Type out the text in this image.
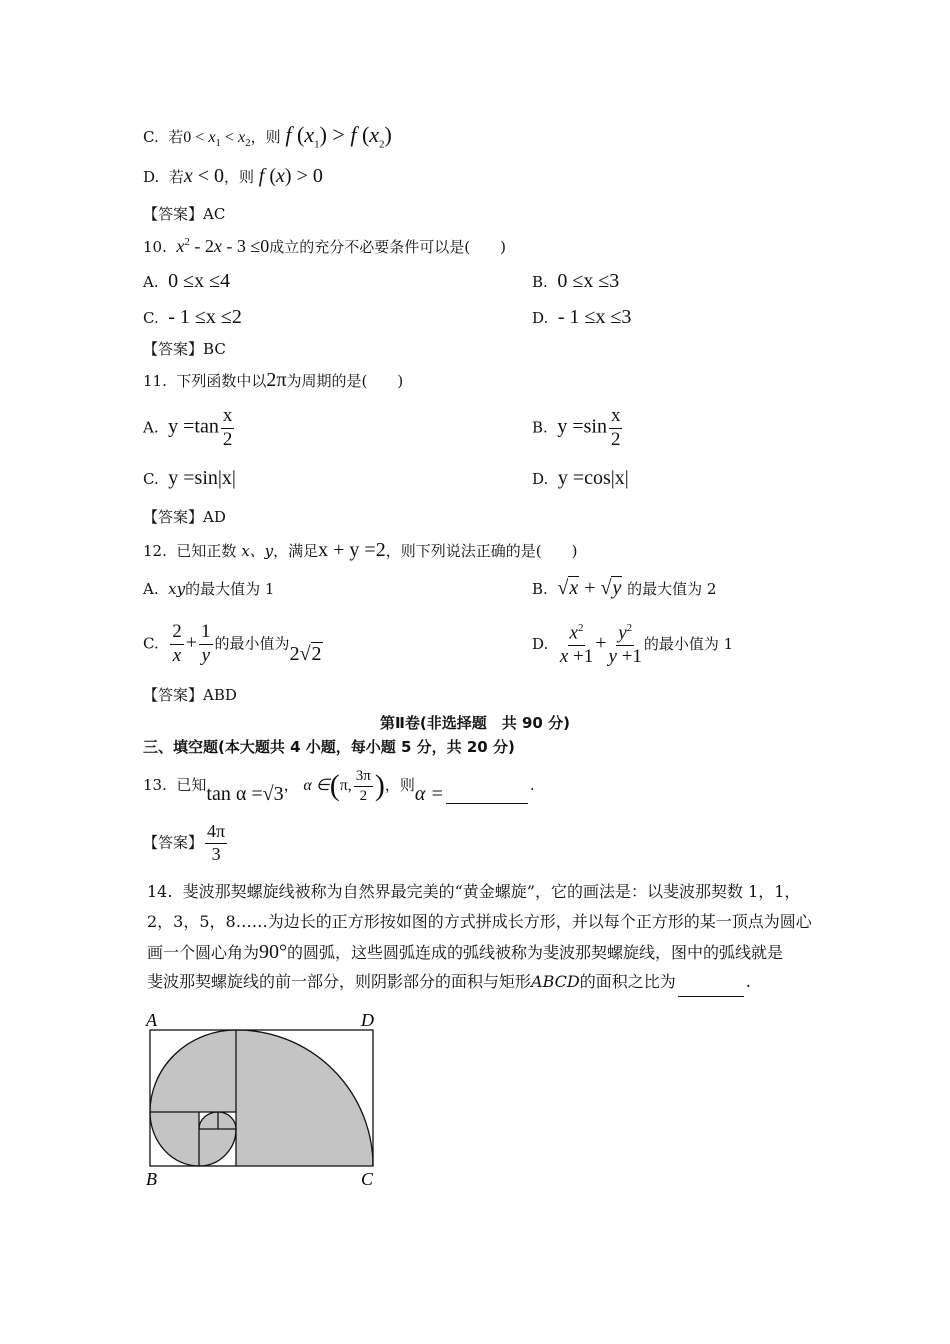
C. 若$0 < x_1 < x_2$，则 f $(x_1) > f$ $(x_2)$
D. 若x < 0，则 f (x) > 0
【答案】AC
10. $x^2 - 2x - 3 \le 0$成立的充分不必要条件可以是(　　)
A. 0 ≤x ≤4	B. 0 ≤x ≤3
C. - 1 ≤x ≤2	D. - 1 ≤x ≤3
【答案】BC
11. 下列函数中以2π为周期的是(　　)
A. $y =\tan \frac{x}{2}$	B. $y =\sin \frac{x}{2}$
C. y =sin|x|	D. y =cos|x|
【答案】AD
12. 已知正数 x、y，满足x + y =2，则下列说法正确的是(　　)
A. xy的最大值为 1	B. √x + √y 的最大值为 2
C. $\frac{2}{x} + \frac{1}{y}$ 的最小值为2√2	D. $\frac{x^2}{x +1} + \frac{y^2}{y +1}$ 的最小值为 1
【答案】ABD
第Ⅱ卷(非选择题　共 90 分)
三、填空题(本大题共 4 小题，每小题 5 分，共 20 分)
13. 已知tan α =√3， α ∈(π, $\frac{3\pi}{2}$ )，则α =	.
【答案】 $\frac{4\pi}{3}$
14. 斐波那契螺旋线被称为自然界最完美的“黄金螺旋”，它的画法是：以斐波那契数 1，1，
2，3，5，8……为边长的正方形按如图的方式拼成长方形，并以每个正方形的某一顶点为圆心
画一个圆心角为90°的圆弧，这些圆弧连成的弧线被称为斐波那契螺旋线，图中的弧线就是
斐波那契螺旋线的前一部分，则阴影部分的面积与矩形ABCD的面积之比为	.
A	D
B	C
